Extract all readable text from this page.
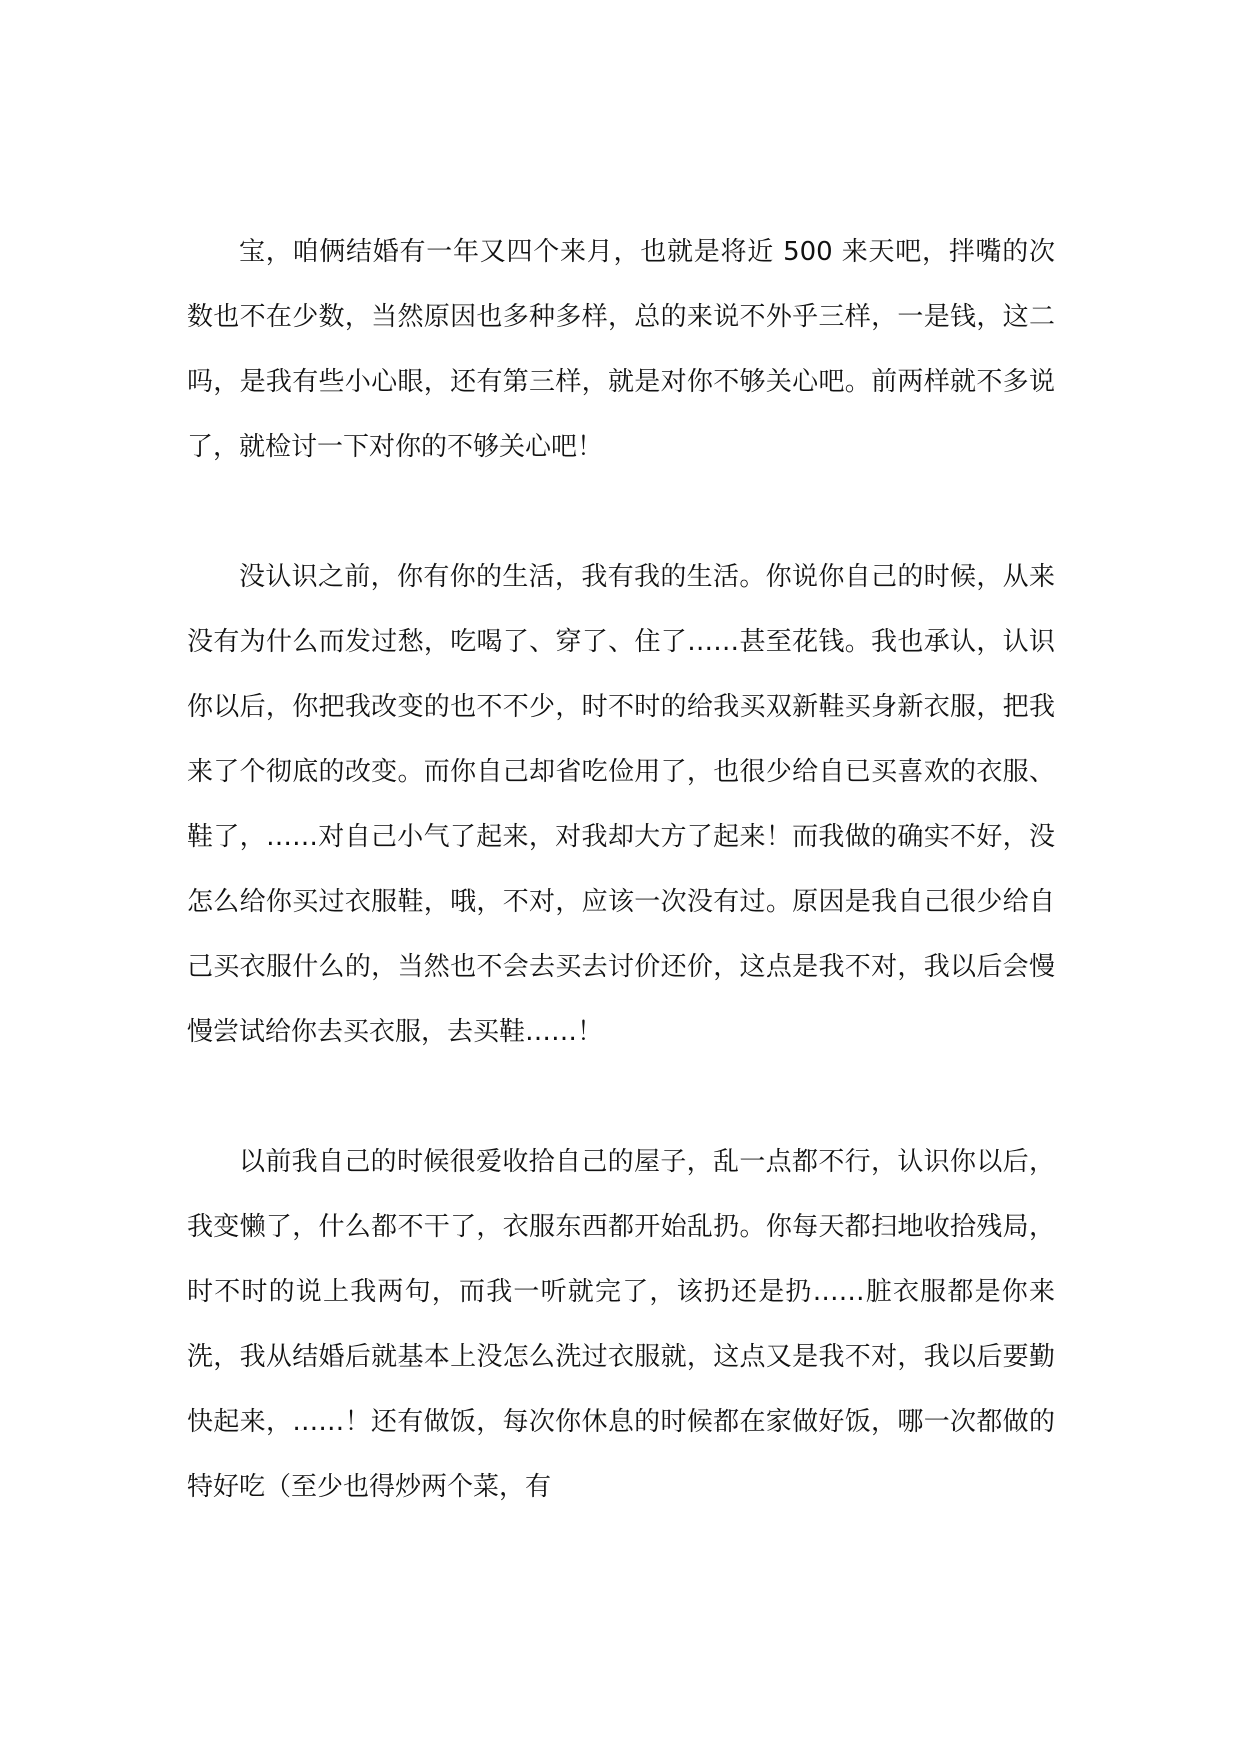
宝，咱俩结婚有一年又四个来月，也就是将近 500 来天吧，拌嘴的次数也不在少数，当然原因也多种多样，总的来说不外乎三样，一是钱，这二吗，是我有些小心眼，还有第三样，就是对你不够关心吧。前两样就不多说了，就检讨一下对你的不够关心吧！

没认识之前，你有你的生活，我有我的生活。你说你自己的时候，从来没有为什么而发过愁，吃喝了、穿了、住了……甚至花钱。我也承认，认识你以后，你把我改变的也不不少，时不时的给我买双新鞋买身新衣服，把我来了个彻底的改变。而你自己却省吃俭用了，也很少给自已买喜欢的衣服、鞋了，……对自己小气了起来，对我却大方了起来！而我做的确实不好，没怎么给你买过衣服鞋，哦，不对，应该一次没有过。原因是我自己很少给自己买衣服什么的，当然也不会去买去讨价还价，这点是我不对，我以后会慢慢尝试给你去买衣服，去买鞋……！

以前我自己的时候很爱收拾自己的屋子，乱一点都不行，认识你以后，我变懒了，什么都不干了，衣服东西都开始乱扔。你每天都扫地收拾残局，时不时的说上我两句，而我一听就完了，该扔还是扔……脏衣服都是你来洗，我从结婚后就基本上没怎么洗过衣服就，这点又是我不对，我以后要勤快起来，……！还有做饭，每次你休息的时候都在家做好饭，哪一次都做的特好吃（至少也得炒两个菜，有
